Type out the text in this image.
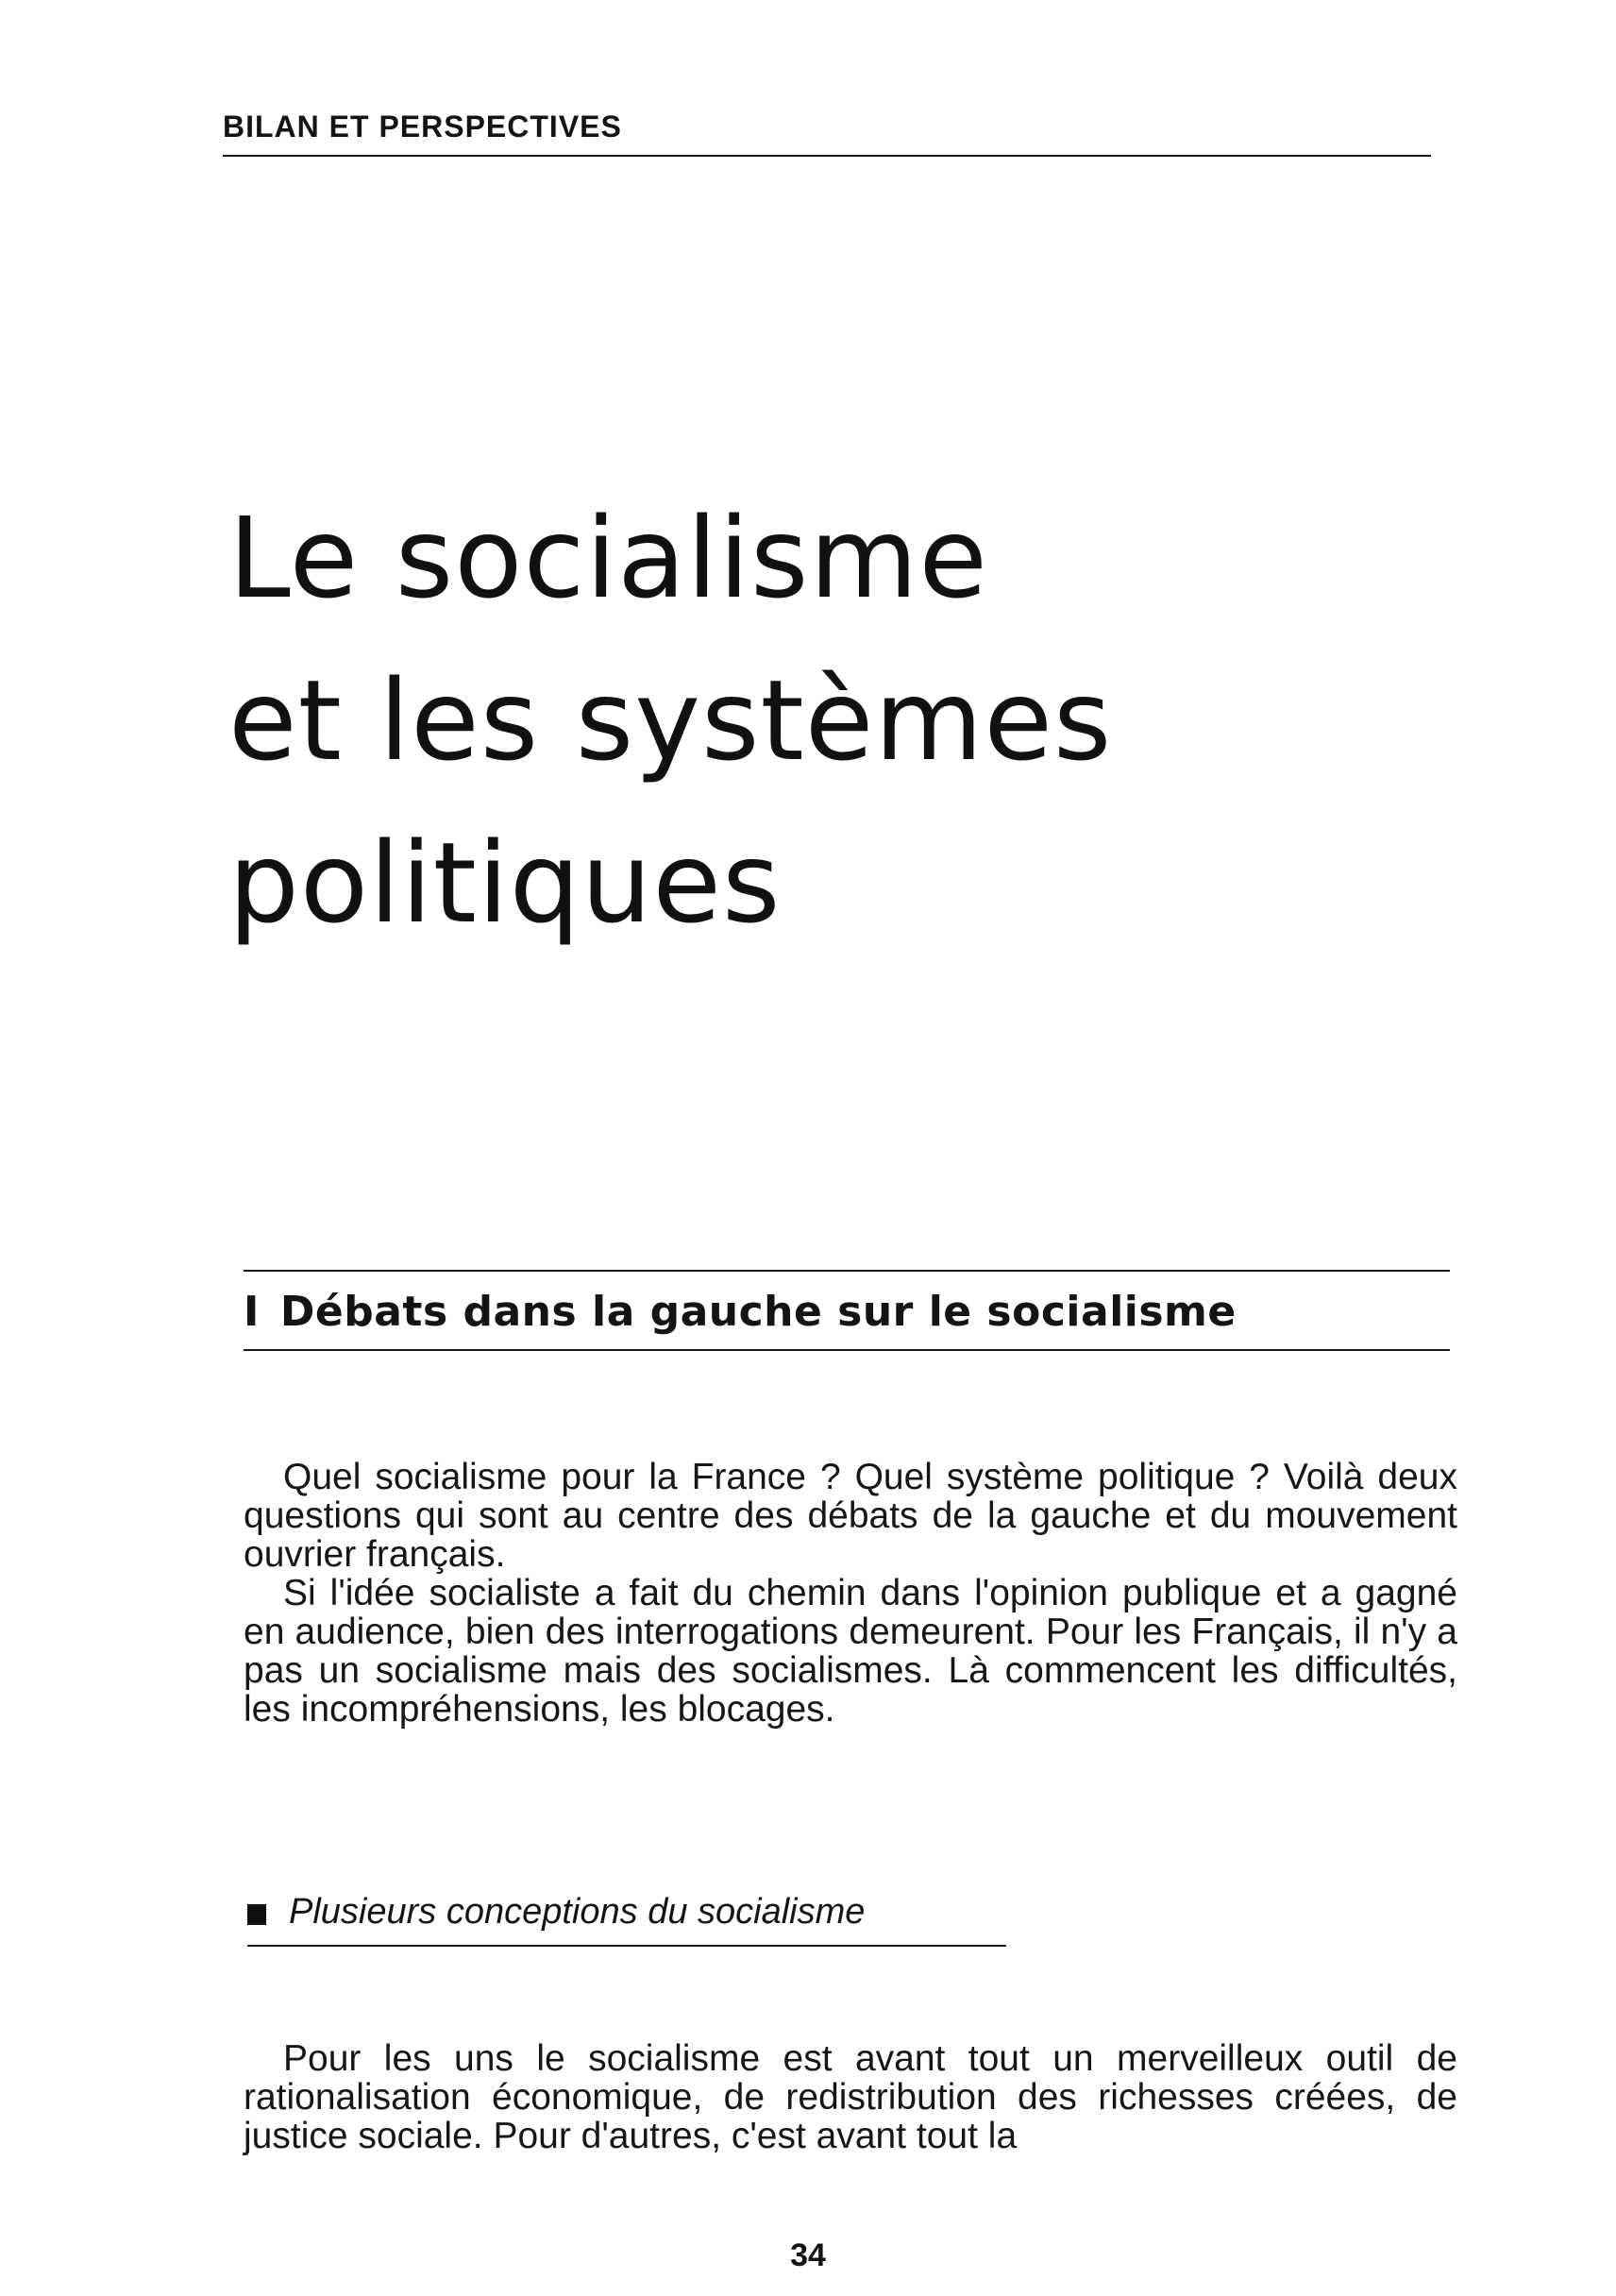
BILAN ET PERSPECTIVES
Le socialisme
et les systèmes
politiques
I Débats dans la gauche sur le socialisme

Quel socialisme pour la France ? Quel système politique ? Voilà deux questions qui sont au centre des débats de la gauche et du mouvement ouvrier français.

Si l'idée socialiste a fait du chemin dans l'opinion publique et a gagné en audience, bien des interrogations demeurent. Pour les Français, il n'y a pas un socialisme mais des socialismes. Là commencent les difficultés, les incompréhensions, les blocages.

Plusieurs conceptions du socialisme

Pour les uns le socialisme est avant tout un merveilleux outil de rationalisation économique, de redistribution des richesses créées, de justice sociale. Pour d'autres, c'est avant tout la

34
